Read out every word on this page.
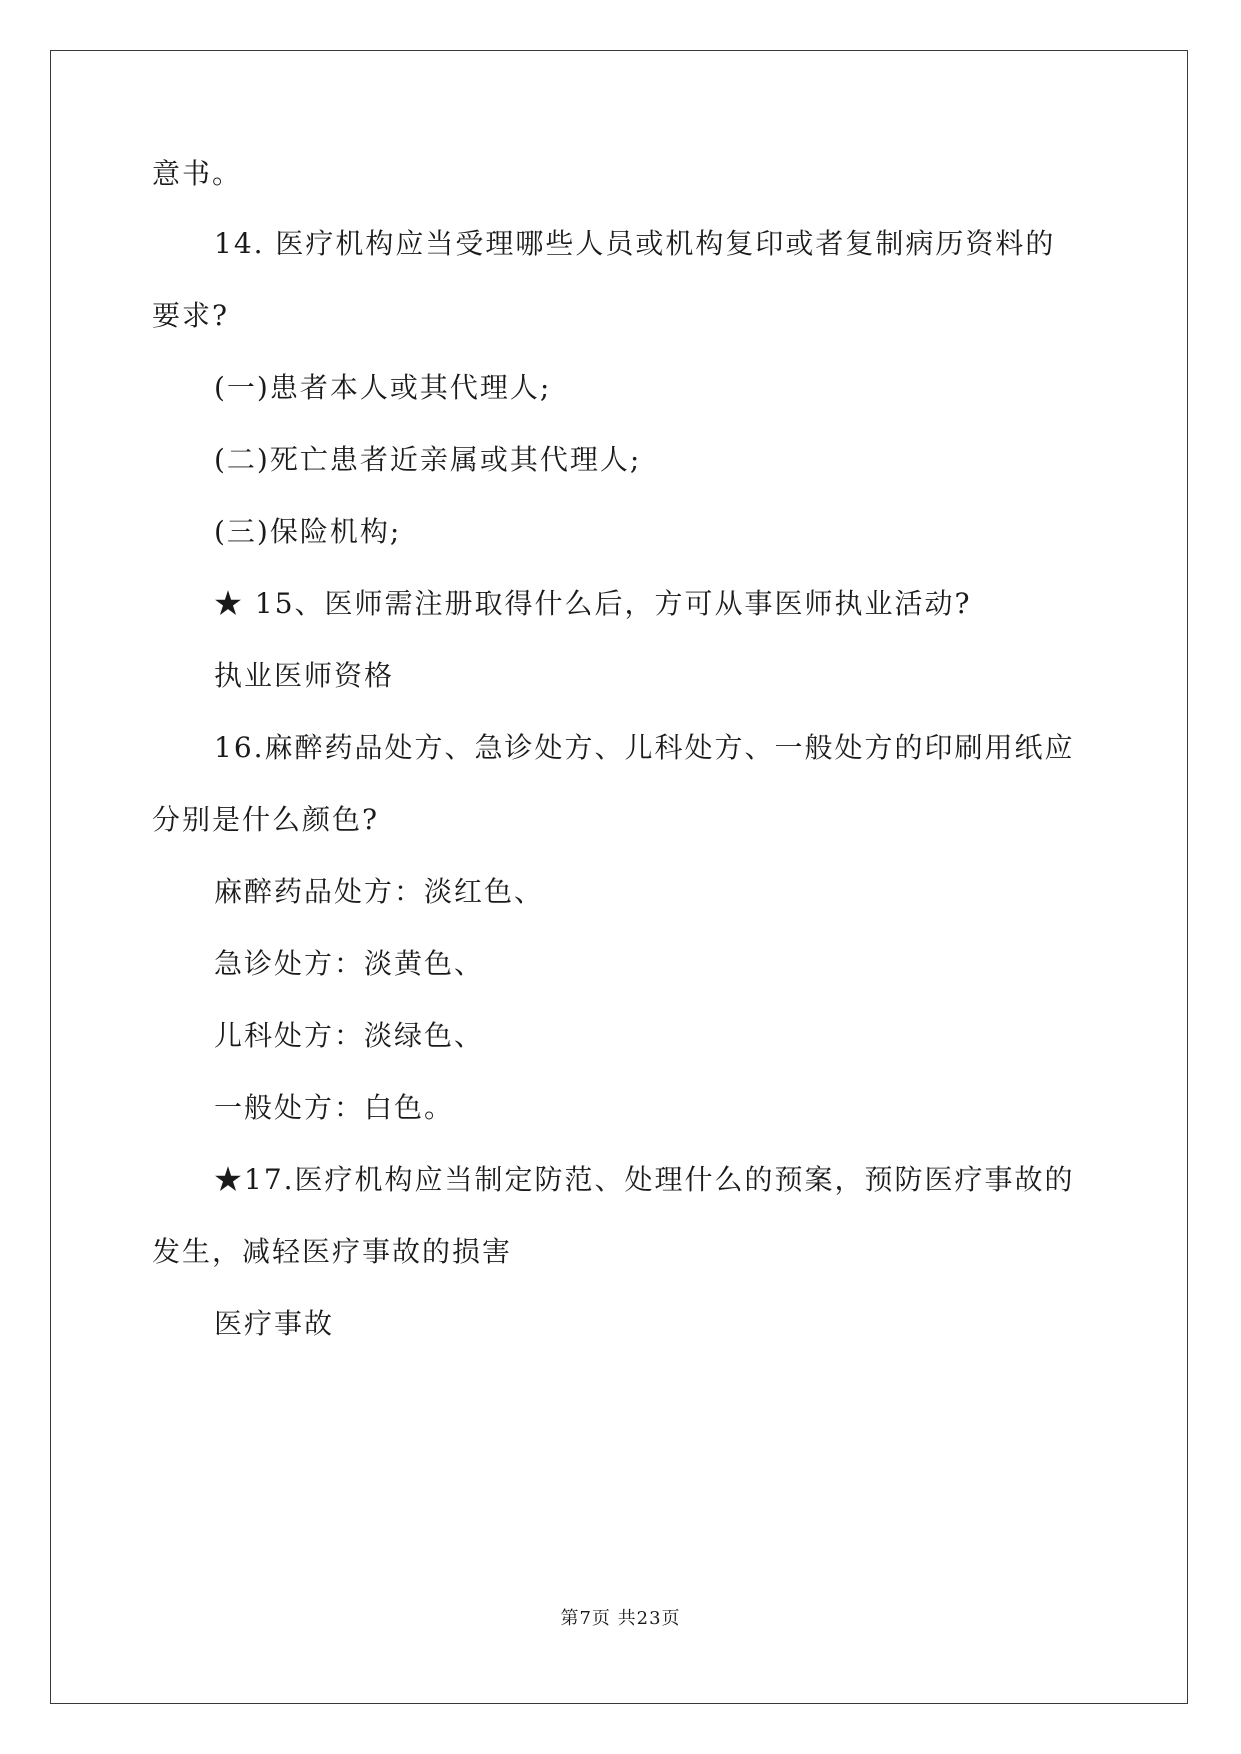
意书。
14. 医疗机构应当受理哪些人员或机构复印或者复制病历资料的
要求?
(一)患者本人或其代理人;
(二)死亡患者近亲属或其代理人;
(三)保险机构;
★ 15、医师需注册取得什么后，方可从事医师执业活动?
执业医师资格
16.麻醉药品处方、急诊处方、儿科处方、一般处方的印刷用纸应
分别是什么颜色?
麻醉药品处方：淡红色、
急诊处方：淡黄色、
儿科处方：淡绿色、
一般处方：白色。
★17.医疗机构应当制定防范、处理什么的预案，预防医疗事故的
发生，减轻医疗事故的损害
医疗事故
第7页 共23页
